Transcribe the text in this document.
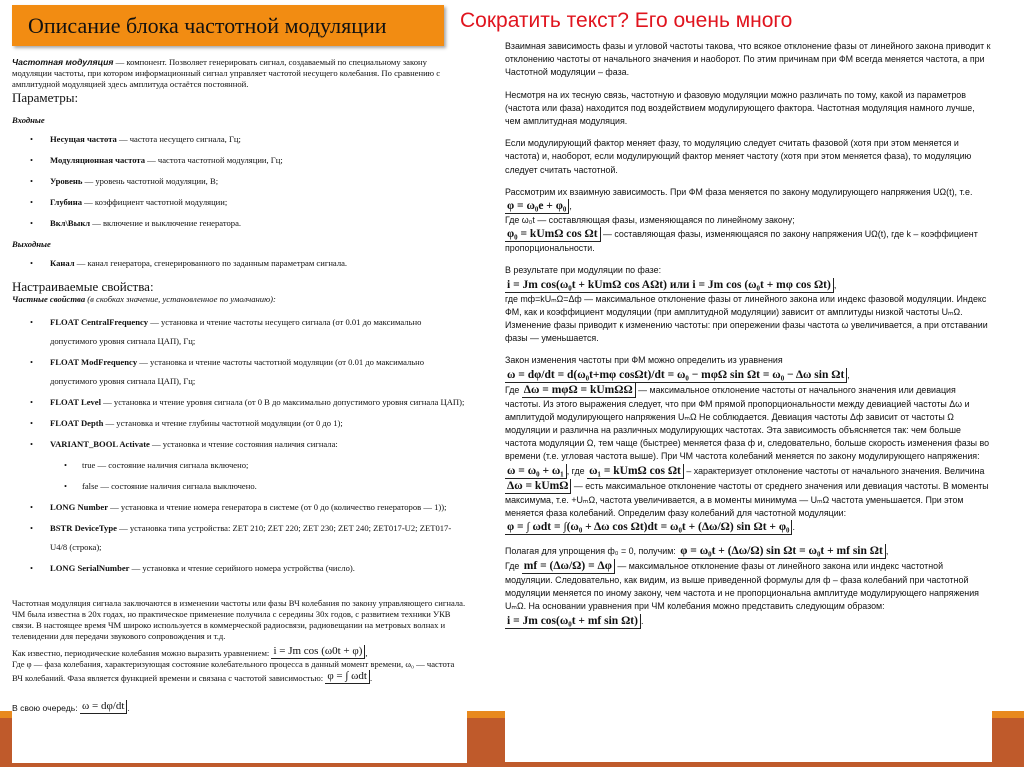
Описание блока частотной модуляции	Сократить текст? Его очень много

Частотная модуляция — компонент. Позволяет генерировать сигнал, создаваемый по специальному закону модуляции частоты, при котором информационный сигнал управляет частотой несущего колебания. По сравнению с амплитудной модуляцией здесь амплитуда остаётся постоянной.

Параметры:

Входные

• Несущая частота — частота несущего сигнала, Гц;
• Модуляционная частота — частота частотной модуляции, Гц;
• Уровень — уровень частотной модуляции, В;
• Глубина — коэффициент частотной модуляции;
• Вкл\Выкл — включение и выключение генератора.

Выходные

• Канал — канал генератора, сгенерированного по заданным параметрам сигнала.

Настраиваемые свойства:

Частные свойства (в скобках значение, установленное по умолчанию):

• FLOAT CentralFrequency — установка и чтение частоты несущего сигнала (от 0.01 до максимально допустимого уровня сигнала ЦАП), Гц;
• FLOAT ModFrequency — установка и чтение частоты частотной модуляции (от 0.01 до максимально допустимого уровня сигнала ЦАП), Гц;
• FLOAT Level — установка и чтение уровня сигнала (от 0 В до максимально допустимого уровня сигнала ЦАП);
• FLOAT Depth — установка и чтение глубины частотной модуляции (от 0 до 1);
• VARIANT_BOOL Activate — установка и чтение состояния наличия сигнала:
• true — состояние наличия сигнала включено;
• false — состояние наличия сигнала выключено.
• LONG Number — установка и чтение номера генератора в системе (от 0 до (количество генераторов — 1));
• BSTR DeviceType — установка типа устройства: ZET 210; ZET 220; ZET 230; ZET 240; ZET017-U2; ZET017-U4/8 (строка);
• LONG SerialNumber — установка и чтение серийного номера устройства (число).

Частотная модуляция сигнала заключаются в изменении частоты или фазы ВЧ колебания по закону управляющего сигнала. ЧМ была известна в 20х годах, но практическое применение получила с середины 30х годов, с развитием техники УКВ связи. В настоящее время ЧМ широко используется в коммерческой радиосвязи, радиовещании на метровых волнах и телевидении для передачи звукового сопровождения и т.д.

Как известно, периодические колебания можно выразить уравнением: i = Jm cos (ω0t + φ) ,

Где φ — фаза колебания, характеризующая состояние колебательного процесса в данный момент времени, ω₀ — частота ВЧ колебаний. Фаза является функцией времени и связана с частотой зависимостью: φ = ∫ ωdt .

В свою очередь: ω = dφ/dt .

Взаимная зависимость фазы и угловой частоты такова, что всякое отклонение фазы от линейного закона приводит к отклонению частоты от начального значения и наоборот. По этим причинам при ФМ всегда меняется частота, а при Частотной модуляции – фаза.

Несмотря на их тесную связь, частотную и фазовую модуляции можно различать по тому, какой из параметров (частота или фаза) находится под воздействием модулирующего фактора. Частотная модуляция намного лучше, чем амплитудная модуляция.

Если модулирующий фактор меняет фазу, то модуляцию следует считать фазовой (хотя при этом меняется и частота) и, наоборот, если модулирующий фактор меняет частоту (хотя при этом меняется фаза), то модуляцию следует считать частотной.

Рассмотрим их взаимную зависимость. При ФМ фаза меняется по закону модулирующего напряжения UΩ(t), т.е. φ = ω₀e + φ₀ ,
Где ω₀t — составляющая фазы, изменяющаяся по линейному закону;
φ₀ = kUmΩ cos Ωt — составляющая фазы, изменяющаяся по закону напряжения UΩ(t), где k – коэффициент пропорциональности.

В результате при модуляции по фазе: i = Jm cos(ω₀t + kUmΩ cos AΩt) или i = Jm cos (ω₀t + mφ cos Ωt) ,
где mф=kUₘΩ=Δф — максимальное отклонение фазы от линейного закона или индекс фазовой модуляции. Индекс ФМ, как и коэффициент модуляции (при амплитудной модуляции) зависит от амплитуды низкой частоты UₘΩ. Изменение фазы приводит к изменению частоты: при опережении фазы частота ω увеличивается, а при отставании фазы — уменьшается.

Закон изменения частоты при ФМ можно определить из уравнения ω = dφ/dt = d(ω₀t+mφ cosΩt)/dt = ω₀ − mφΩ sin Ωt = ω₀ − Δω sin Ωt ,
Где Δω = mφΩ = kUmΩΩ — максимальное отклонение частоты от начального значения или девиация частоты. Из этого выражения следует, что при ФМ прямой пропорциональности между девиацией частоты Δω и амплитудой модулирующего напряжения UₘΩ Не соблюдается. Девиация частоты Δф зависит от частоты Ω модуляции и различна на различных модулирующих частотах. Эта зависимость объясняется так: чем больше частота модуляции Ω, тем чаще (быстрее) меняется фаза ф и, следовательно, больше скорость изменения фазы во времени (т.е. угловая частота выше). При ЧМ частота колебаний меняется по закону модулирующего напряжения: ω = ω₀ + ω₁ , где ω₁ = kUmΩ cos Ωt – характеризует отклонение частоты от начального значения. Величина Δω = kUmΩ — есть максимальное отклонение частоты от среднего значения или девиация частоты. В моменты максимума, т.е. +UₘΩ, частота увеличивается, а в моменты минимума — UₘΩ частота уменьшается. При этом меняется фаза колебаний. Определим фазу колебаний для частотной модуляции: φ = ∫ ωdt = ∫(ω₀ + Δω cos Ωt)dt = ω₀t + (Δω/Ω) sin Ωt + φ₀ .

Полагая для упрощения ф₀ = 0, получим: φ = ω₀t + (Δω/Ω) sin Ωt = ω₀t + mf sin Ωt ,
Где mf = (Δω/Ω) = Δφ — максимальное отклонение фазы от линейного закона или индекс частотной модуляции. Следовательно, как видим, из выше приведенной формулы для ф – фаза колебаний при частотной модуляции меняется по иному закону, чем частота и не пропорциональна амплитуде модулирующего напряжения UₘΩ. На основании уравнения при ЧМ колебания можно представить следующим образом: i = Jm cos(ω₀t + mf sin Ωt) .
